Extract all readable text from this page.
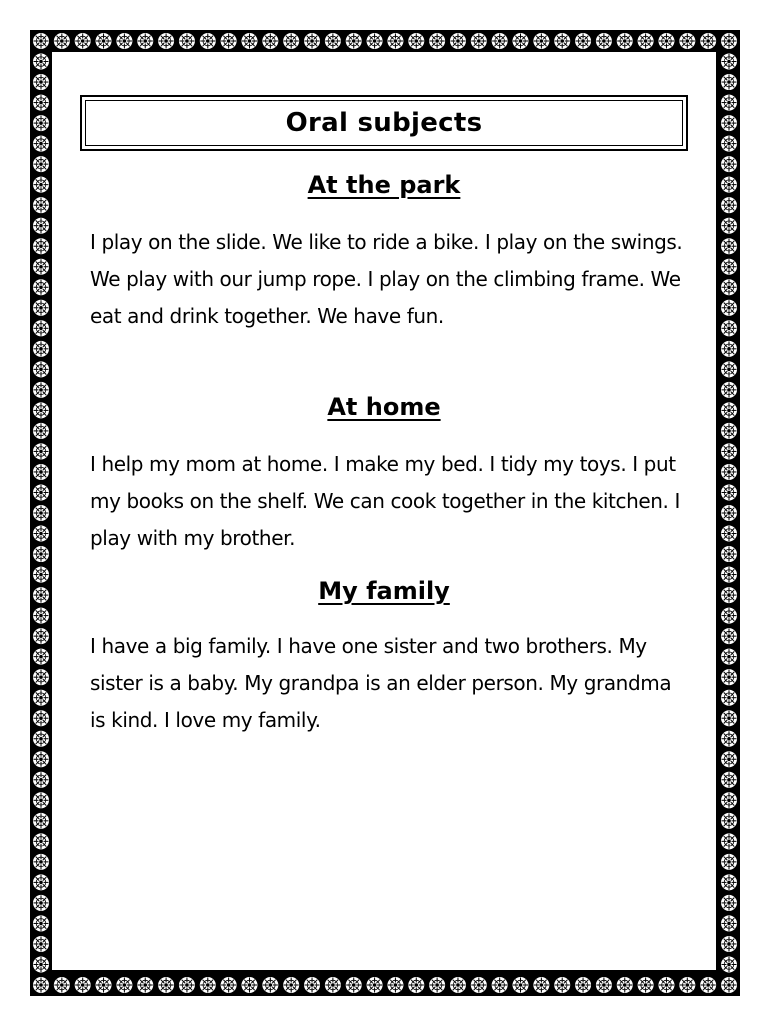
Oral subjects
At the park

I play on the slide. We like to ride a bike. I play on the swings. We play with our jump rope. I play on the climbing frame. We eat and drink together. We have fun.

At home

I help my mom at home. I make my bed. I tidy my toys. I put my books on the shelf. We can cook together in the kitchen. I play with my brother.

My family

I have a big family. I have one sister and two brothers. My sister is a baby. My grandpa is an elder person. My grandma is kind. I love my family.
